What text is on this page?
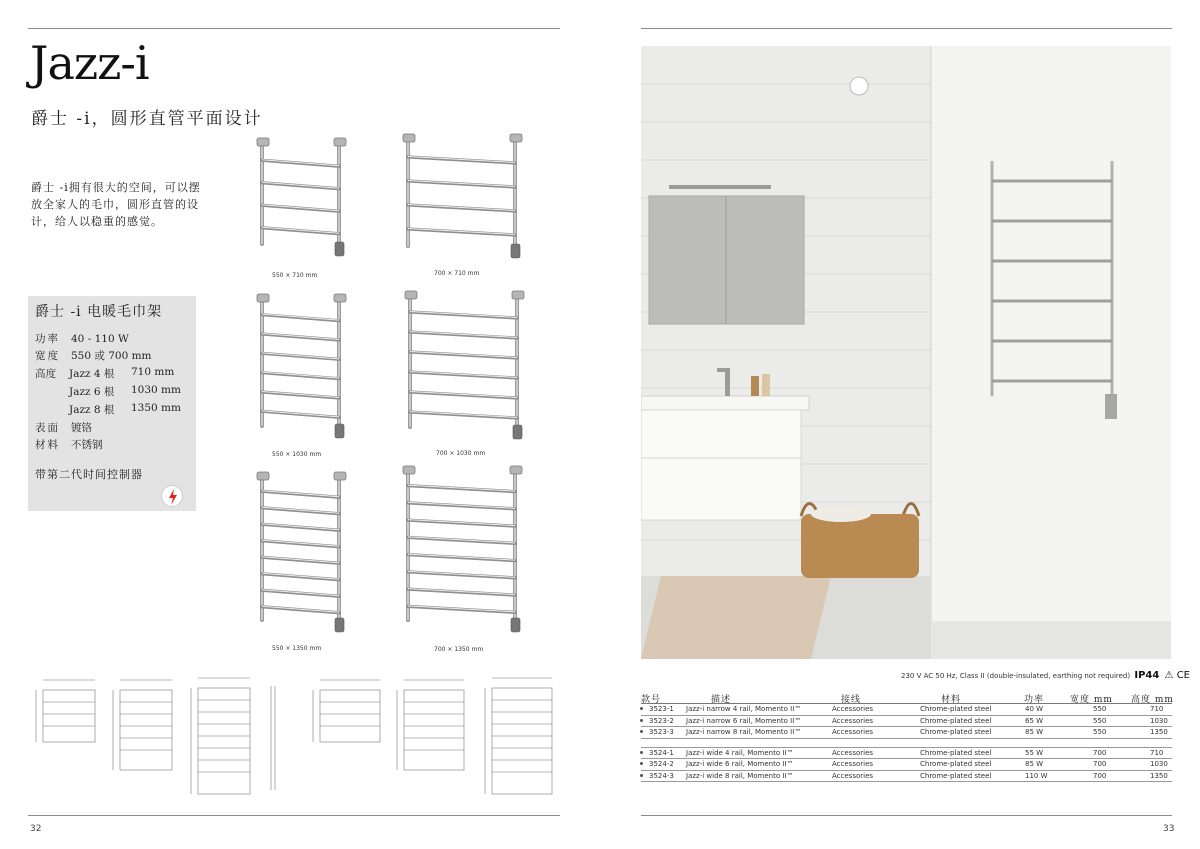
Jazz-i
爵士 -i，圆形直管平面设计
爵士 -i拥有很大的空间，可以摆放全家人的毛巾，圆形直管的设计，给人以稳重的感觉。
爵士 -i 电暖毛巾架
功率 40 - 110 W
宽度 550 或 700 mm
高度 Jazz 4 根 710 mm
Jazz 6 根 1030 mm
Jazz 8 根 1350 mm
表面 镀铬
材料 不锈钢
带第二代时间控制器
550 × 710 mm	700 × 710 mm
550 × 1030 mm	700 × 1030 mm
550 × 1350 mm	700 × 1350 mm
32
230 V AC 50 Hz, Class II (double-insulated, earthing not required) IP44 ⚠ CE
款号	描述	接线	材料	功率	宽度 mm 高度 mm
3523-1 Jazz-i narrow 4 rail, Momento II™	Accessories	Chrome-plated steel	40 W	550	710
3523-2 Jazz-i narrow 6 rail, Momento II™	Accessories	Chrome-plated steel	65 W	550	1030
3523-3 Jazz-i narrow 8 rail, Momento II™	Accessories	Chrome-plated steel	85 W	550	1350
3524-1 Jazz-i wide 4 rail, Momento II™	Accessories	Chrome-plated steel	55 W	700	710
3524-2 Jazz-i wide 6 rail, Momento II™	Accessories	Chrome-plated steel	85 W	700	1030
3524-3 Jazz-i wide 8 rail, Momento II™	Accessories	Chrome-plated steel	110 W	700	1350
33
